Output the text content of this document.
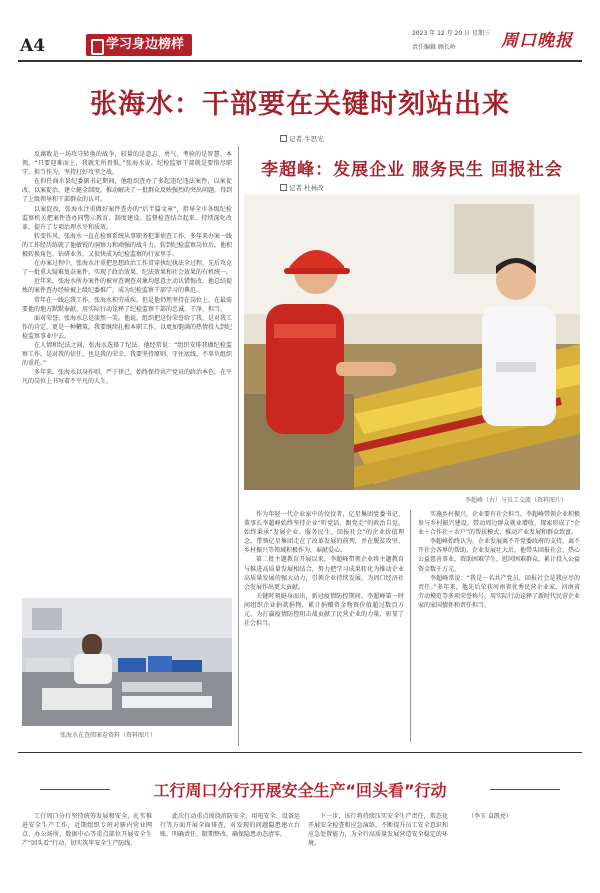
A4	学习身边榜样
2023 年 12 月 20 日 星期三
责任编辑 顾长岭	周口晚报
张海水：干部要在关键时刻站出来
记者 牛思光

反腐败是一场攻守转换的战争，较量的是意志、勇气、考验的是智慧、本领。“只要迎难而上，我就无所畏惧。”张海水说。纪检监察干部就是要恪尽职守、担当作为，坚持打好攻坚之战。

在担任商水县纪委副书记期间，他组织查办了多起违纪违法案件，以案促改、以案促治，建立健全制度，推动解决了一批群众反映强烈的突出问题，得到了上级领导和干部群众的认可。

以案促改，张海水注重做好案件查办的“后半篇文章”，指导全市各级纪检监察机关把案件查办同警示教育、制度建设、监督检查结合起来，持续深化改革，提升了专项治理水平和质效。

转变作风，张海水一直在检察系统从事职务犯罪侦查工作，多年来办案一线的工作经历练就了他敏锐的洞察力和顽强的战斗力。转到纪检监察岗位后，他积极转换角色、钻研业务，又很快成为纪检监察的行家里手。

在办案过程中，张海水注重把思想政治工作贯穿执纪执法全过程，先后攻克了一批重大疑难复杂案件，实现了政治效果、纪法效果和社会效果的有机统一。

近年来，张海水所办案件的被审查调查对象均愿意主动认错悔改，他总结提炼的案件查办经验被上级纪委推广，成为纪检监察干部学习的典范。

常年在一线忘我工作，张海水积劳成疾。但是他仍然坚持在岗位上，在最需要他的地方默默奉献，用实际行动诠释了纪检监察干部的忠诚、干净、担当。

面对荣誉，张海水总是淡然一笑。他说，组织把这份荣誉给了我，是对我工作的肯定，更是一种鞭策。我要继续扎根本职工作，以更加饱满的热情投入到纪检监察事业中去。

在人情和纪法之间，张海水选择了纪法。他经常说：“组织安排我做纪检监察工作，是对我的信任，也是我的荣幸，我要坚持原则、守住底线，不辜负组织的重托。”

多年来，张海水以身作则、严于律己，始终保持共产党员的政治本色，在平凡的岗位上书写着不平凡的人生。

张海水在查阅案卷资料（资料图片）
李超峰：发展企业 服务民生 回报社会
记者 杜林改
李超峰（右）与员工交流（资料图片）

作为年轻一代企业家中的佼佼者，亿星集团党委书记、董事长李超峰始终坚持企业“听党话、跟党走”的政治自觉，始终秉承“发展企业、服务民生、回报社会”的企业价值理念，带领亿星集团走在了改革发展的前列，并在脱贫攻坚、乡村振兴等领域积极作为，奉献爱心。

第二批主题教育开展以来，李超峰带领企业将主题教育与推进高质量发展相结合，努力把学习成果转化为推动企业高质量发展的强大动力，引领企业持续发展，为周口经济社会发展作出更大贡献。

关键时刻挺身而出，新冠疫情防控期间，李超峰第一时间组织企业捐款捐物，累计捐赠资金物资价值超过数百万元，为打赢疫情防控阻击战贡献了民营企业的力量，彰显了社会担当。

实施乡村振兴，企业要有社会担当。李超峰带领企业积极参与乡村振兴建设，带动周边群众就业增收，探索形成了“企业＋合作社＋农户”的帮扶模式，推动产业发展和群众致富。

李超峰始终认为，企业发展离不开党委政府的支持，离不开社会各界的帮助。企业发展壮大后，他带头回报社会，热心公益慈善事业，资助困难学生，慰问困难群众，累计投入公益资金数千万元。

李超峰常说：“我是一名共产党员，回报社会是我应尽的责任。”多年来，他先后荣获河南省优秀民营企业家、河南省劳动模范等多项荣誉称号，用实际行动诠释了新时代民营企业家的家国情怀和责任担当。

工行周口分行开展安全生产“回头看”行动

工行周口分行坚持统筹发展和安全，扎实推进安全生产工作，近期组织专班对辖内营业网点、办公场所、数据中心等重点部位开展安全生产“回头看”行动，切实筑牢安全生产防线。

此次行动重点围绕消防安全、用电安全、设备运行等方面开展全面排查，对发现的问题隐患建立台账、明确责任、限期整改，确保隐患动态清零。

下一步，该行将持续压实安全生产责任，常态化开展安全检查和应急演练，不断提升员工安全意识和应急处置能力，为全行高质量发展营造安全稳定的环境。

（李玉 袁凯亮）
